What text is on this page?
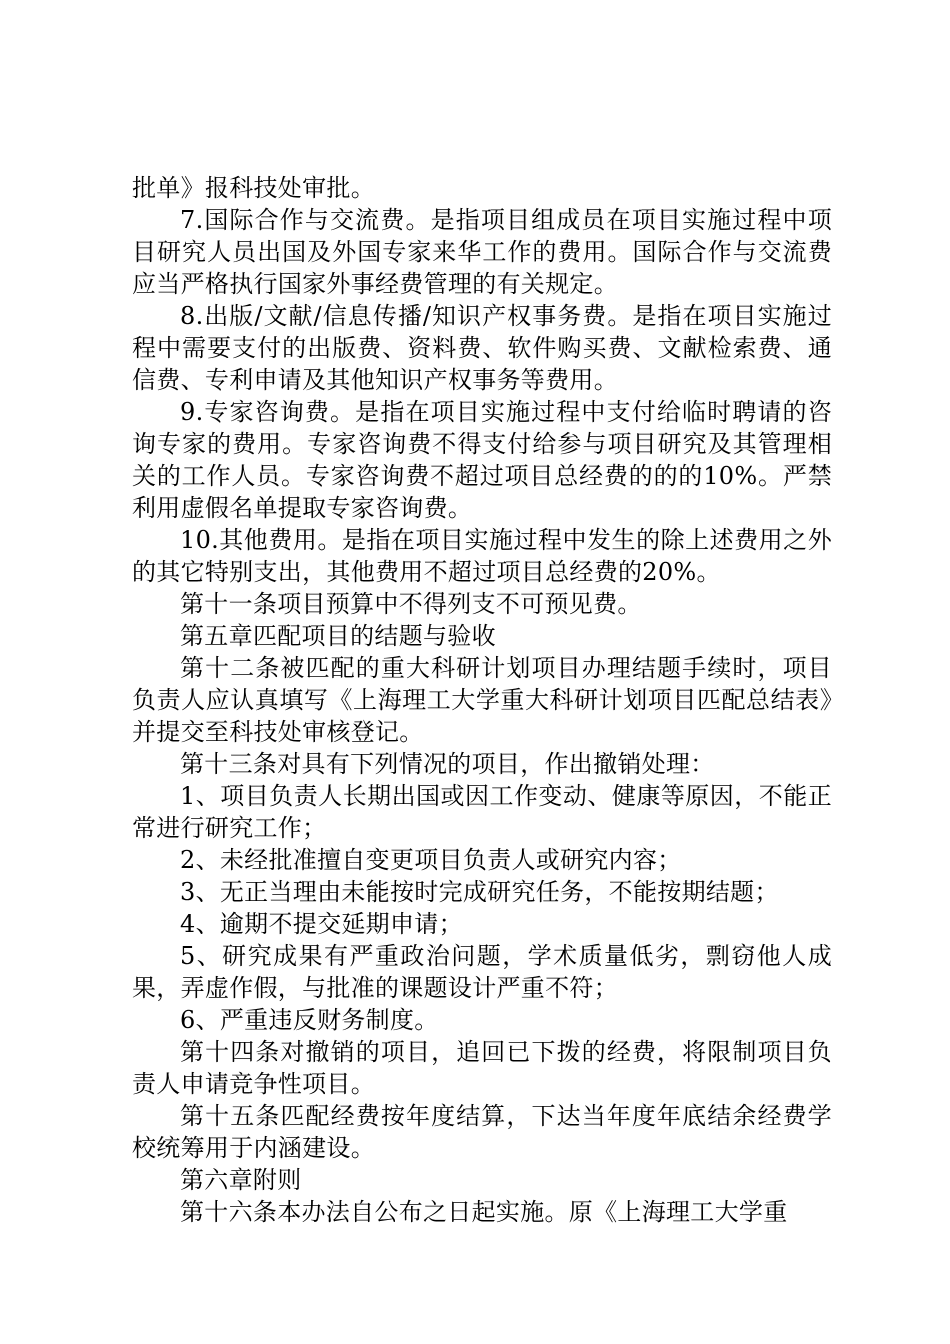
批单》报科技处审批。

7.国际合作与交流费。是指项目组成员在项目实施过程中项目研究人员出国及外国专家来华工作的费用。国际合作与交流费应当严格执行国家外事经费管理的有关规定。

8.出版/文献/信息传播/知识产权事务费。是指在项目实施过程中需要支付的出版费、资料费、软件购买费、文献检索费、通信费、专利申请及其他知识产权事务等费用。

9.专家咨询费。是指在项目实施过程中支付给临时聘请的咨询专家的费用。专家咨询费不得支付给参与项目研究及其管理相关的工作人员。专家咨询费不超过项目总经费的的的10%。严禁利用虚假名单提取专家咨询费。

10.其他费用。是指在项目实施过程中发生的除上述费用之外的其它特别支出，其他费用不超过项目总经费的20%。

第十一条项目预算中不得列支不可预见费。

第五章匹配项目的结题与验收

第十二条被匹配的重大科研计划项目办理结题手续时，项目负责人应认真填写《上海理工大学重大科研计划项目匹配总结表》并提交至科技处审核登记。

第十三条对具有下列情况的项目，作出撤销处理：

1、项目负责人长期出国或因工作变动、健康等原因，不能正常进行研究工作；

2、未经批准擅自变更项目负责人或研究内容；

3、无正当理由未能按时完成研究任务，不能按期结题；

4、逾期不提交延期申请；

5、研究成果有严重政治问题，学术质量低劣，剽窃他人成果，弄虚作假，与批准的课题设计严重不符；

6、严重违反财务制度。

第十四条对撤销的项目，追回已下拨的经费，将限制项目负责人申请竞争性项目。

第十五条匹配经费按年度结算，下达当年度年底结余经费学校统筹用于内涵建设。

第六章附则

第十六条本办法自公布之日起实施。原《上海理工大学重
